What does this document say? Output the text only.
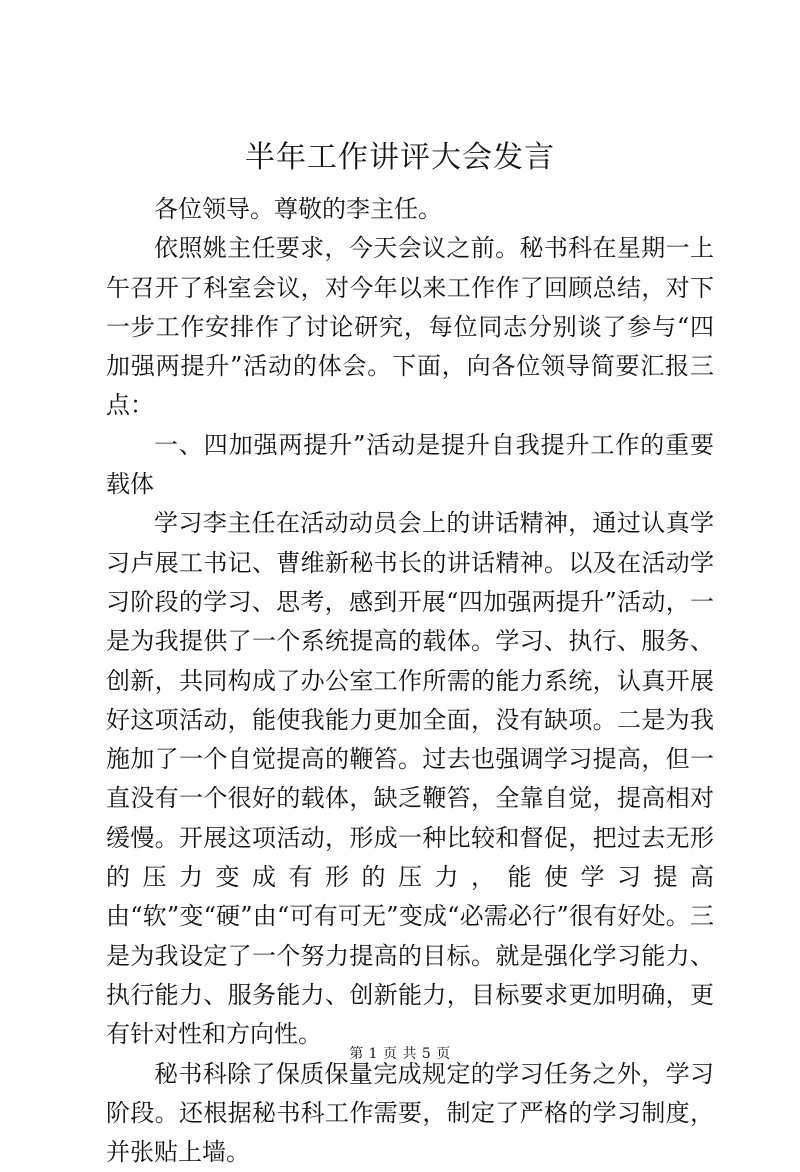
半年工作讲评大会发言

各位领导。尊敬的李主任。

依照姚主任要求，今天会议之前。秘书科在星期一上午召开了科室会议，对今年以来工作作了回顾总结，对下一步工作安排作了讨论研究，每位同志分别谈了参与“四加强两提升”活动的体会。下面，向各位领导简要汇报三点：

一、四加强两提升”活动是提升自我提升工作的重要载体

学习李主任在活动动员会上的讲话精神，通过认真学习卢展工书记、曹维新秘书长的讲话精神。以及在活动学习阶段的学习、思考，感到开展“四加强两提升”活动，一是为我提供了一个系统提高的载体。学习、执行、服务、创新，共同构成了办公室工作所需的能力系统，认真开展好这项活动，能使我能力更加全面，没有缺项。二是为我施加了一个自觉提高的鞭笞。过去也强调学习提高，但一直没有一个很好的载体，缺乏鞭笞，全靠自觉，提高相对缓慢。开展这项活动，形成一种比较和督促，把过去无形的压力变成有形的压力，能使学习提高由“软”变“硬”由“可有可无”变成“必需必行”很有好处。三是为我设定了一个努力提高的目标。就是强化学习能力、执行能力、服务能力、创新能力，目标要求更加明确，更有针对性和方向性。

秘书科除了保质保量完成规定的学习任务之外，学习阶段。还根据秘书科工作需要，制定了严格的学习制度，并张贴上墙。

第 1 页 共 5 页
